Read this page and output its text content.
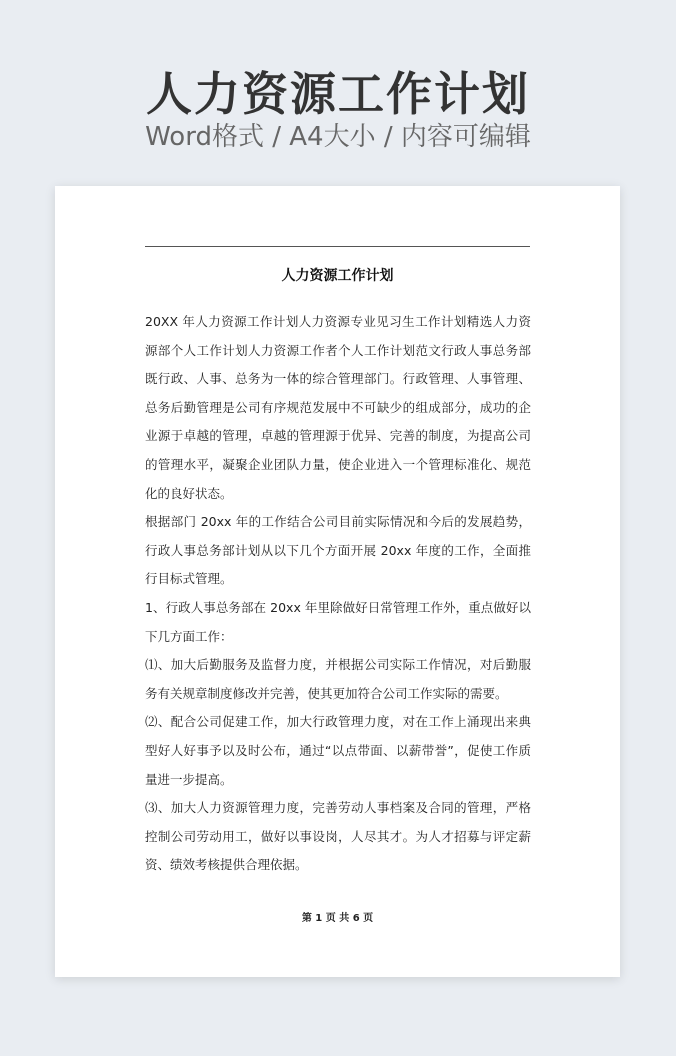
人力资源工作计划
Word格式 / A4大小 / 内容可编辑
人力资源工作计划

20XX 年人力资源工作计划人力资源专业见习生工作计划精选人力资源部个人工作计划人力资源工作者个人工作计划范文行政人事总务部既行政、人事、总务为一体的综合管理部门。行政管理、人事管理、总务后勤管理是公司有序规范发展中不可缺少的组成部分，成功的企业源于卓越的管理，卓越的管理源于优异、完善的制度，为提高公司的管理水平，凝聚企业团队力量，使企业进入一个管理标准化、规范化的良好状态。

根据部门 20xx 年的工作结合公司目前实际情况和今后的发展趋势，行政人事总务部计划从以下几个方面开展 20xx 年度的工作，全面推行目标式管理。

1、行政人事总务部在 20xx 年里除做好日常管理工作外，重点做好以下几方面工作：

⑴、加大后勤服务及监督力度，并根据公司实际工作情况，对后勤服务有关规章制度修改并完善，使其更加符合公司工作实际的需要。

⑵、配合公司促建工作，加大行政管理力度，对在工作上涌现出来典型好人好事予以及时公布，通过“以点带面、以薪带誉”，促使工作质量进一步提高。

⑶、加大人力资源管理力度，完善劳动人事档案及合同的管理，严格控制公司劳动用工，做好以事设岗，人尽其才。为人才招募与评定薪资、绩效考核提供合理依据。

第 1 页 共 6 页
